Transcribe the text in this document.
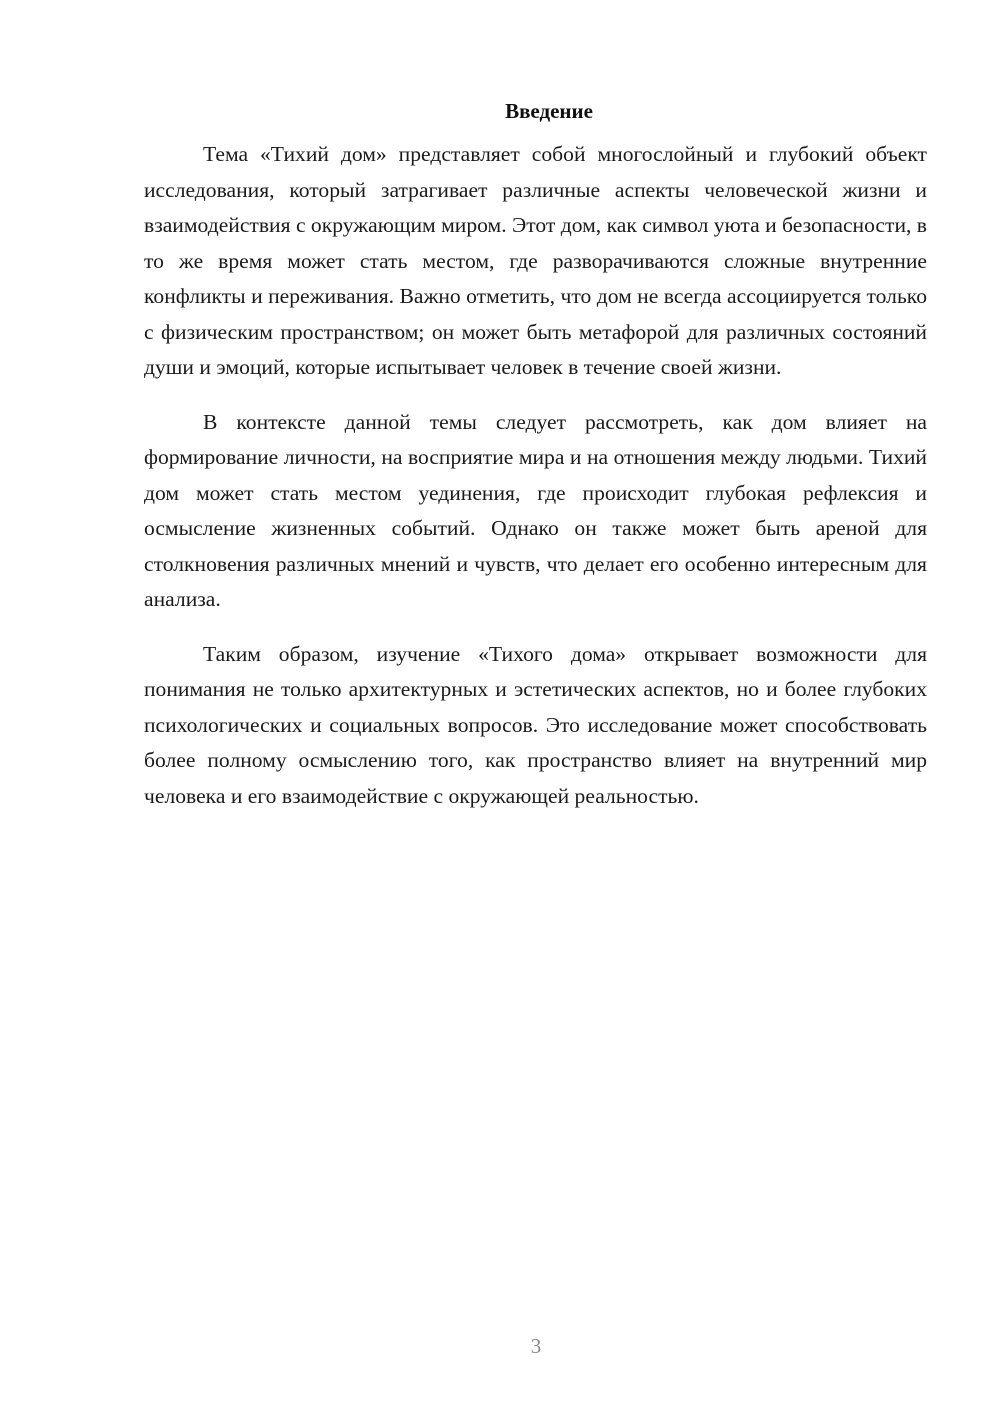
Введение

Тема «Тихий дом» представляет собой многослойный и глубокий объект исследования, который затрагивает различные аспекты человеческой жизни и взаимодействия с окружающим миром. Этот дом, как символ уюта и безопасности, в то же время может стать местом, где разворачиваются сложные внутренние конфликты и переживания. Важно отметить, что дом не всегда ассоциируется только с физическим пространством; он может быть метафорой для различных состояний души и эмоций, которые испытывает человек в течение своей жизни.

В контексте данной темы следует рассмотреть, как дом влияет на формирование личности, на восприятие мира и на отношения между людьми. Тихий дом может стать местом уединения, где происходит глубокая рефлексия и осмысление жизненных событий. Однако он также может быть ареной для столкновения различных мнений и чувств, что делает его особенно интересным для анализа.

Таким образом, изучение «Тихого дома» открывает возможности для понимания не только архитектурных и эстетических аспектов, но и более глубоких психологических и социальных вопросов. Это исследование может способствовать более полному осмыслению того, как пространство влияет на внутренний мир человека и его взаимодействие с окружающей реальностью.

3
